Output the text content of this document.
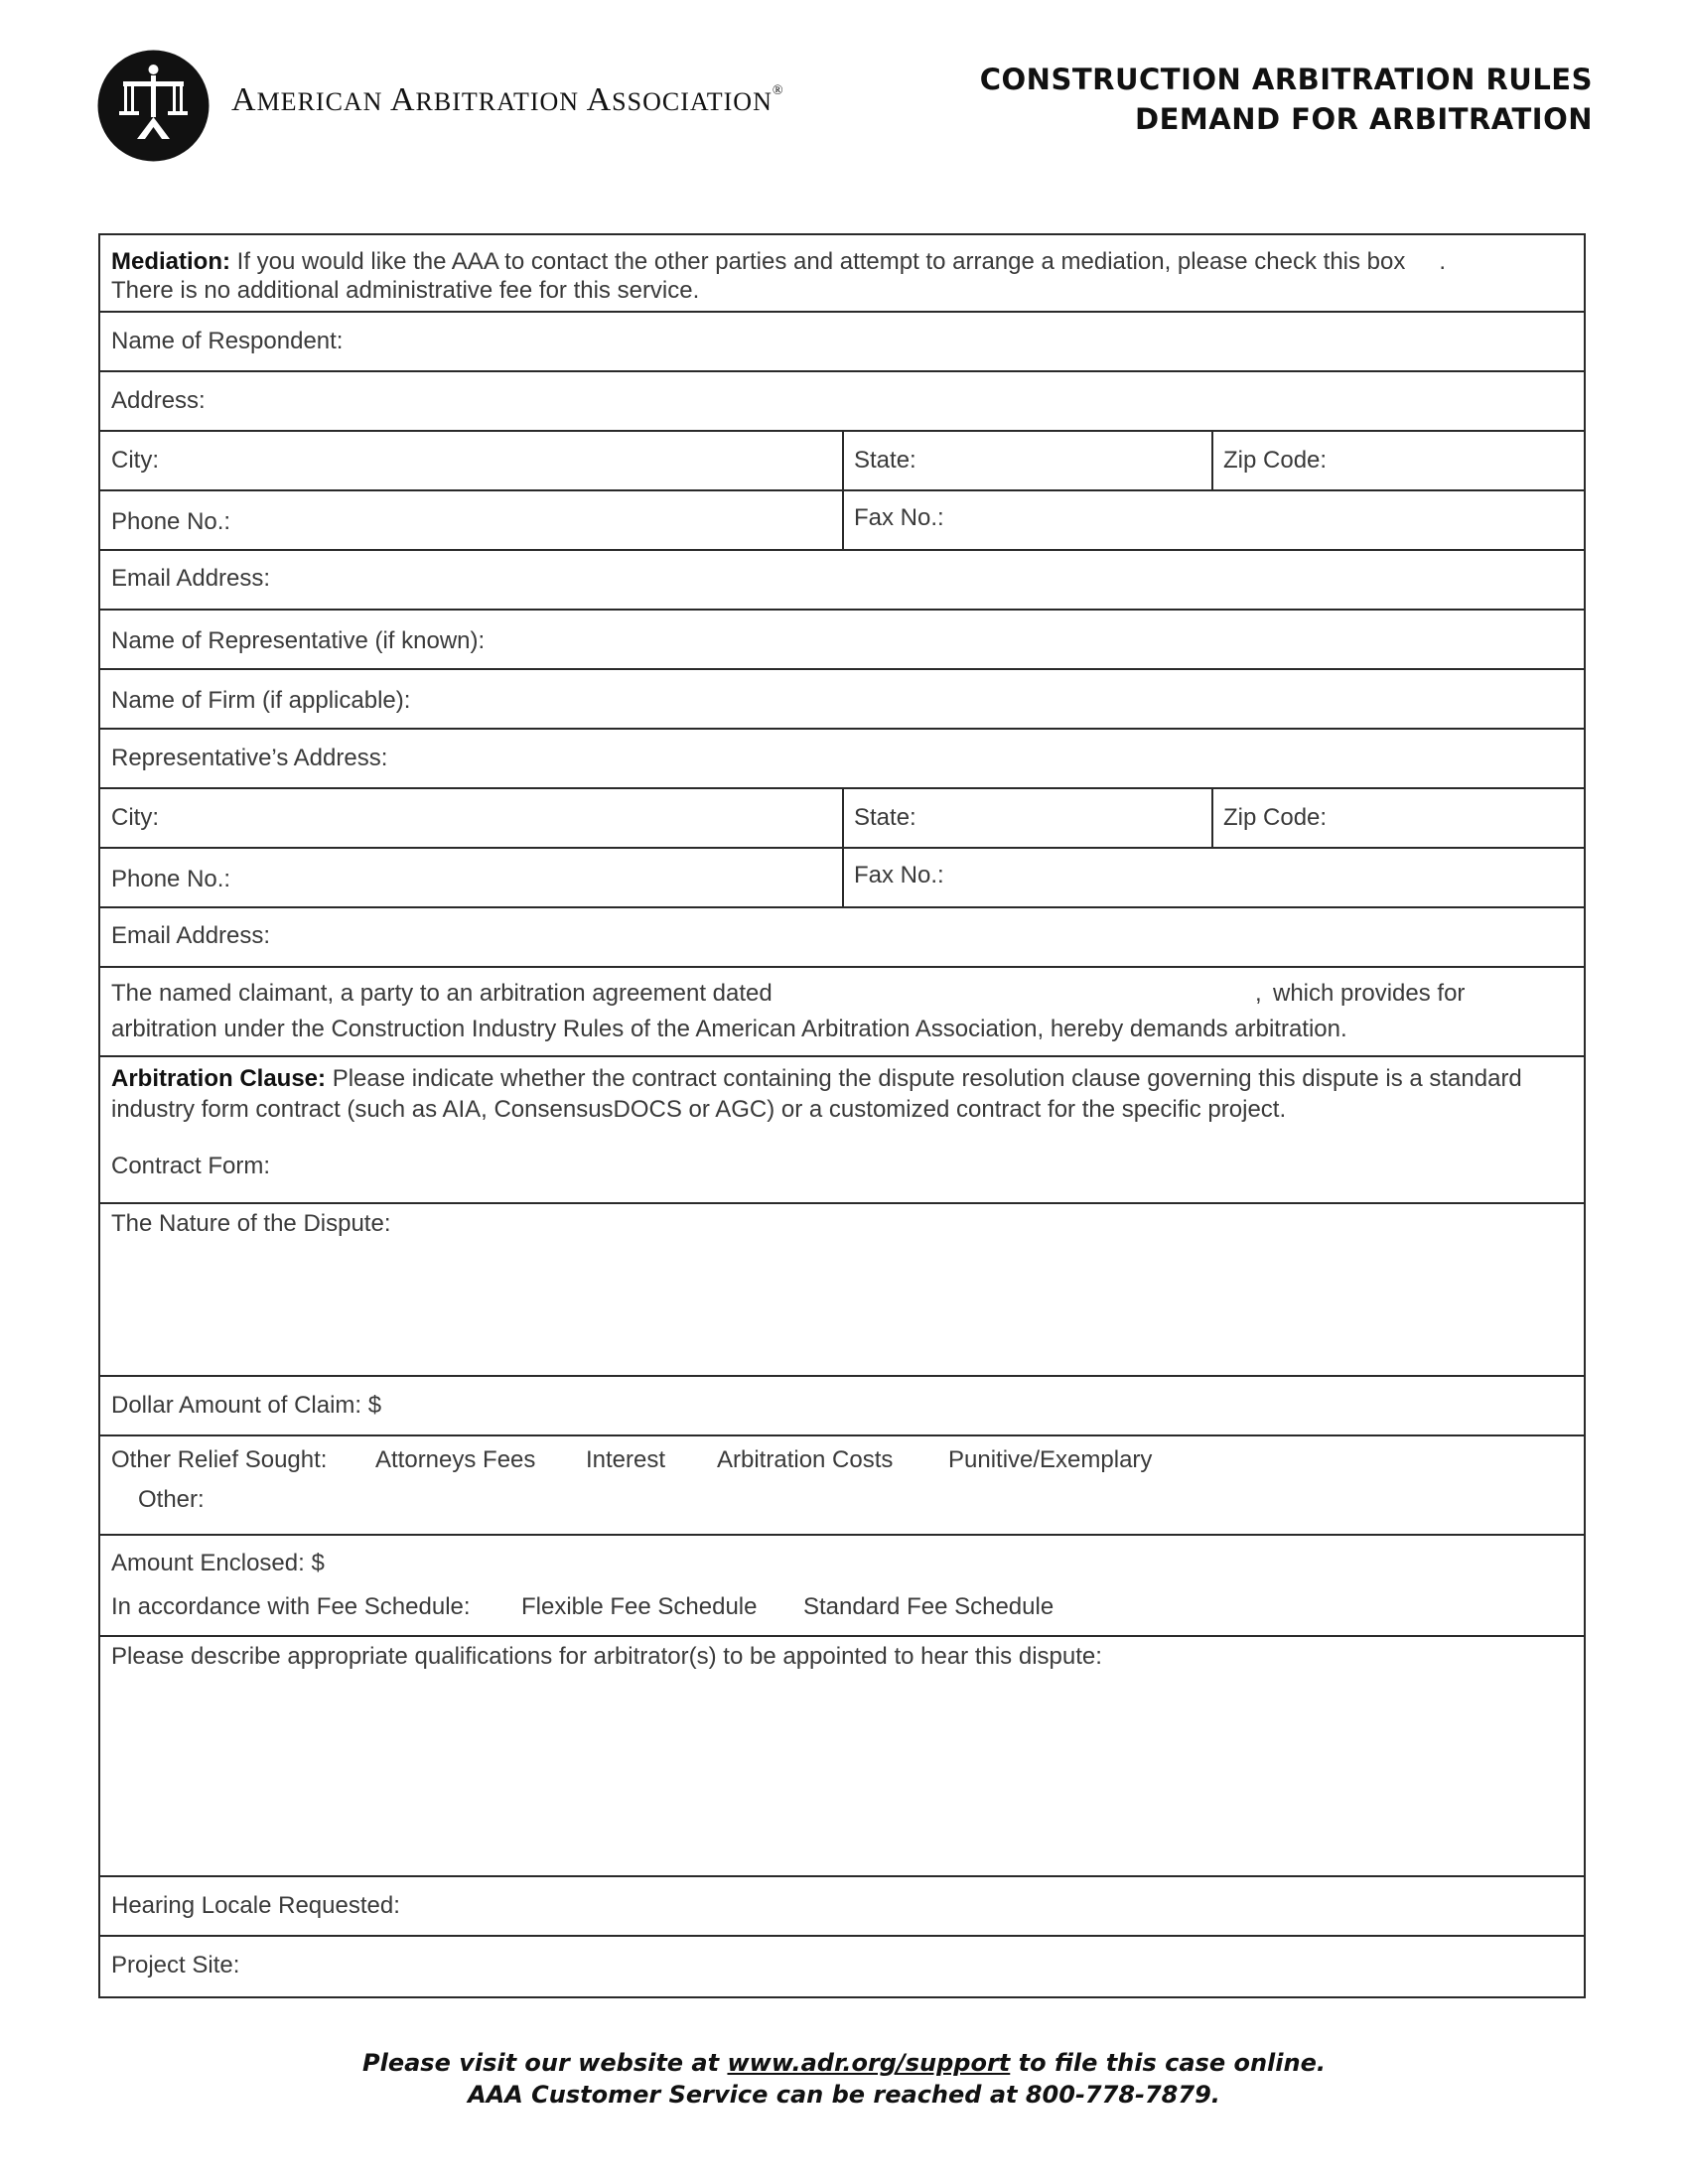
AMERICAN ARBITRATION ASSOCIATION®	CONSTRUCTION ARBITRATION RULES
DEMAND FOR ARBITRATION
Mediation: If you would like the AAA to contact the other parties and attempt to arrange a mediation, please check this box .
There is no additional administrative fee for this service.
Name of Respondent:
Address:
City:	State:	Zip Code:
Phone No.:	Fax No.:
Email Address:
Name of Representative (if known):
Name of Firm (if applicable):
Representative’s Address:
City:	State:	Zip Code:
Phone No.:	Fax No.:
Email Address:
The named claimant, a party to an arbitration agreement dated	, which provides for
arbitration under the Construction Industry Rules of the American Arbitration Association, hereby demands arbitration.
Arbitration Clause: Please indicate whether the contract containing the dispute resolution clause governing this dispute is a standard industry form contract (such as AIA, ConsensusDOCS or AGC) or a customized contract for the specific project.
Contract Form:
The Nature of the Dispute:
Dollar Amount of Claim: $
Other Relief Sought: Attorneys Fees Interest Arbitration Costs Punitive/Exemplary
Other:
Amount Enclosed: $
In accordance with Fee Schedule: Flexible Fee Schedule Standard Fee Schedule
Please describe appropriate qualifications for arbitrator(s) to be appointed to hear this dispute:
Hearing Locale Requested:
Project Site:
Please visit our website at www.adr.org/support to file this case online.
AAA Customer Service can be reached at 800-778-7879.
